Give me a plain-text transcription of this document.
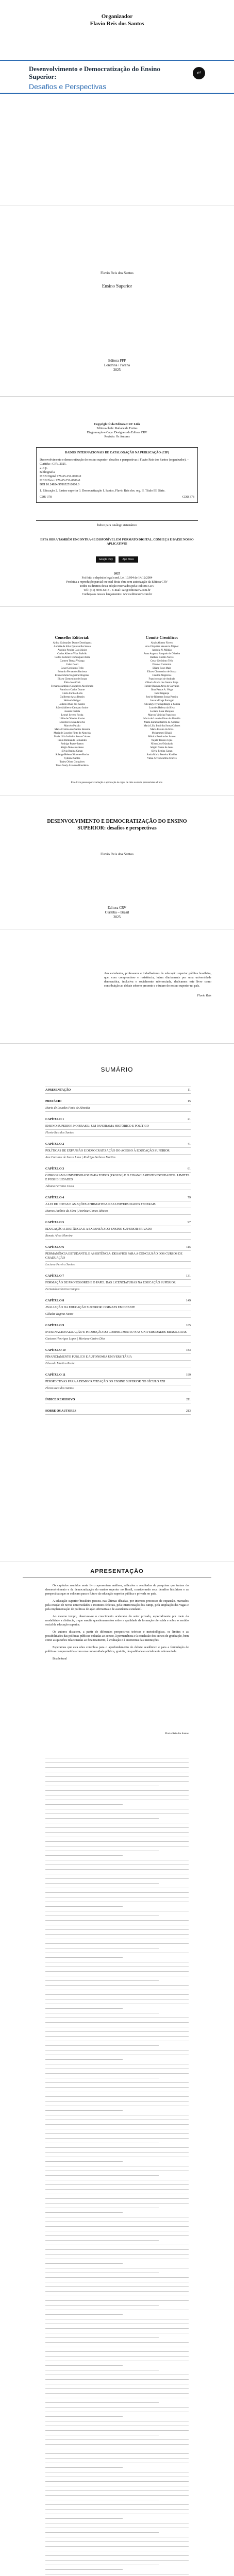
Organizador
Flavio Reis dos Santos
Desenvolvimento e Democratização do Ensino Superior:
Desafios e Perspectivas
e!
Flavio Reis dos Santos
Ensino Superior

Editora PPP

Londrina / Paraná

2025

Copyright © da Editora CRV Ltda
Editora-chefe: Railane de Freitas
Diagramação e Capa: Designers da Editora CRV
Revisão: Os Autores
DADOS INTERNACIONAIS DE CATALOGAÇÃO NA PUBLICAÇÃO (CIP)
Desenvolvimento e democratização do ensino superior: desafios e perspectivas / Flavio Reis dos Santos (organizador). – Curitiba : CRV, 2025.
214 p.
Bibliografia
ISBN Digital 978-65-251-0000-0
ISBN Físico 978-65-251-0000-0
DOI 10.24824/978652510000.0
1. Educação 2. Ensino superior 3. Democratização I. Santos, Flavio Reis dos. org. II. Título III. Série.
CDU 378	CDD 378
Índice para catálogo sistemático
ESTA OBRA TAMBÉM ENCONTRA-SE DISPONÍVEL EM FORMATO DIGITAL. CONHEÇA E BAIXE NOSSO APLICATIVO!
Google Play	App Store
2025
Foi feito o depósito legal conf. Lei 10.994 de 14/12/2004
Proibida a reprodução parcial ou total desta obra sem autorização da Editora CRV
Todos os direitos desta edição reservados pela: Editora CRV
Tel.: (41) 3039-6418 - E-mail: sac@editoracrv.com.br
Conheça os nossos lançamentos: www.editoracrv.com.br
Conselho Editorial:
Aldira Guimarães Duarte Domínguez
Andréia da Silva Quintanilha Sousa
Antônio Pereira Gaio Júnior
Carlos Alberto Vilar Estêvão
Carlos Federico Dominguez Avila
Carmen Tereza Velanga
Celso Conti
Cesar Gerónimo Tello
Eduardo Fernandes Barbosa
Elione Maria Nogueira Diogenes
Elizeu Clementino de Souza
Élsio José Corá
Fernando Antônio Gonçalves Alcoforado
Francisco Carlos Duarte
Gloria Fariñas León
Guillermo Arias Beatón
Helmuth Krüger
Jailson Alves dos Santos
João Adalberto Campato Junior
Josania Portela
Leonel Severo Rocha
Lídia de Oliveira Xavier
Lourdes Helena da Silva
Marcelo Paixão
Maria Cristina dos Santos Bezerra
Maria de Lourdes Pinto de Almeida
Maria Lília Imbiriba Sousa Colares
Paulo Romualdo Hernandes
Rodrigo Pratte-Santos
Sérgio Nunes de Jesus
Sílvia Regina Canan
Solange Helena Ximenes-Rocha
Sydione Santos
Tadeu Oliver Gonçalves
Tania Suely Azevedo Brasileiro
Comitê Científico:
Altair Alberto Fávero
Ana Chrystina Venancio Mignot
Andréia N. Militão
Anna Augusta Sampaio de Oliveira
Barbara Coelho Neves
Cesar Gerónimo Tello
Diosnel Centurion
Eliane Rose Maio
Elizeu Clementino de Souza
Fauston Negreiros
Francisco Ari de Andrade
Gláucia Maria dos Santos Jorge
Helder Buenos Aires de Carvalho
Ilma Passos A. Veiga
Inês Bragança
José de Ribamar Sousa Pereira
Jussara Fraga Portugal
Kilwangy Kya Kapitango-a-Samba
Lourdes Helena da Silva
Luciana Rosa Marques
Marcos Vinicius Francisco
Maria de Lourdes Pinto de Almeida
Maria Eurácia Barreto de Andrade
Maria Lília Imbiriba Sousa Colares
Maria Pereira da Silva
Mohammed Elhajji
Mônica Pereira dos Santos
Najela Tavares Ujiie
Nilson José Machado
Sérgio Nunes de Jesus
Silvia Regina Canan
Sonia Maria Ferreira Koehler
Vânia Alves Martins Chaves
Este livro passou por avaliação e aprovação às cegas de dois ou mais pareceristas ad hoc.
DESENVOLVIMENTO E DEMOCRATIZAÇÃO DO ENSINO SUPERIOR: desafios e perspectivas
Flavio Reis dos Santos
Editora CRV
Curitiba – Brasil
2025
Aos estudantes, professores e trabalhadores da educação superior pública brasileira, que, com compromisso e resistência, lutam diariamente por uma universidade democrática, inclusiva e socialmente referenciada, dedicamos este livro como contribuição ao debate sobre o presente e o futuro do ensino superior no país.
Flavio Reis
SUMÁRIO
APRESENTAÇÃO	11
PREFÁCIO	15
Maria de Lourdes Pinto de Almeida
CAPÍTULO 1	21
ENSINO SUPERIOR NO BRASIL: UM PANORAMA HISTÓRICO E POLÍTICO
Flavio Reis dos Santos
CAPÍTULO 2	41
POLÍTICAS DE EXPANSÃO E DEMOCRATIZAÇÃO DO ACESSO À EDUCAÇÃO SUPERIOR
Ana Carolina de Souza Lima | Rodrigo Barbosa Martins
CAPÍTULO 3	61
O PROGRAMA UNIVERSIDADE PARA TODOS (PROUNI) E O FINANCIAMENTO ESTUDANTIL: LIMITES E POSSIBILIDADES
Juliana Ferreira Costa
CAPÍTULO 4	79
A LEI DE COTAS E AS AÇÕES AFIRMATIVAS NAS UNIVERSIDADES FEDERAIS
Marcos Antônio da Silva | Patrícia Gomes Ribeiro
CAPÍTULO 5	97
EDUCAÇÃO A DISTÂNCIA E A EXPANSÃO DO ENSINO SUPERIOR PRIVADO
Renata Alves Moreira
CAPÍTULO 6	115
PERMANÊNCIA ESTUDANTIL E ASSISTÊNCIA: DESAFIOS PARA A CONCLUSÃO DOS CURSOS DE GRADUAÇÃO
Luciana Pereira Santos
CAPÍTULO 7	131
FORMAÇÃO DE PROFESSORES E O PAPEL DAS LICENCIATURAS NA EDUCAÇÃO SUPERIOR
Fernando Oliveira Campos
CAPÍTULO 8	149
AVALIAÇÃO DA EDUCAÇÃO SUPERIOR: O SINAES EM DEBATE
Cláudia Regina Nunes
CAPÍTULO 9	165
INTERNACIONALIZAÇÃO E PRODUÇÃO DO CONHECIMENTO NAS UNIVERSIDADES BRASILEIRAS
Gustavo Henrique Lopes | Mariana Castro Dias
CAPÍTULO 10	183
FINANCIAMENTO PÚBLICO E AUTONOMIA UNIVERSITÁRIA
Eduardo Martins Rocha
CAPÍTULO 11	199
PERSPECTIVAS PARA A DEMOCRATIZAÇÃO DO ENSINO SUPERIOR NO SÉCULO XXI
Flavio Reis dos Santos
ÍNDICE REMISSIVO	211
SOBRE OS AUTORES	213
APRESENTAÇÃO

Os capítulos reunidos neste livro apresentam análises, reflexões e resultados de pesquisas que tratam do desenvolvimento e da democratização do ensino superior no Brasil, considerando seus desafios históricos e as perspectivas que se colocam para o futuro da educação superior pública e privada no país.

A educação superior brasileira passou, nas últimas décadas, por intensos processos de expansão, marcados pela criação de novas universidades e institutos federais, pela interiorização dos campi, pela ampliação das vagas e pela implementação de políticas de ação afirmativa e de assistência estudantil.

Ao mesmo tempo, observou-se o crescimento acelerado do setor privado, especialmente por meio da modalidade a distância, o que suscita questionamentos sobre a qualidade da formação oferecida e sobre o sentido social da educação superior.

Os autores discutem, a partir de diferentes perspectivas teóricas e metodológicas, os limites e as possibilidades das políticas públicas voltadas ao acesso, à permanência e à conclusão dos cursos de graduação, bem como as questões relacionadas ao financiamento, à avaliação e à autonomia das instituições.

Esperamos que esta obra contribua para o aprofundamento do debate acadêmico e para a formulação de políticas comprometidas com uma universidade pública, gratuita, de qualidade e socialmente referenciada.

Boa leitura!

Flavio Reis dos Santos
